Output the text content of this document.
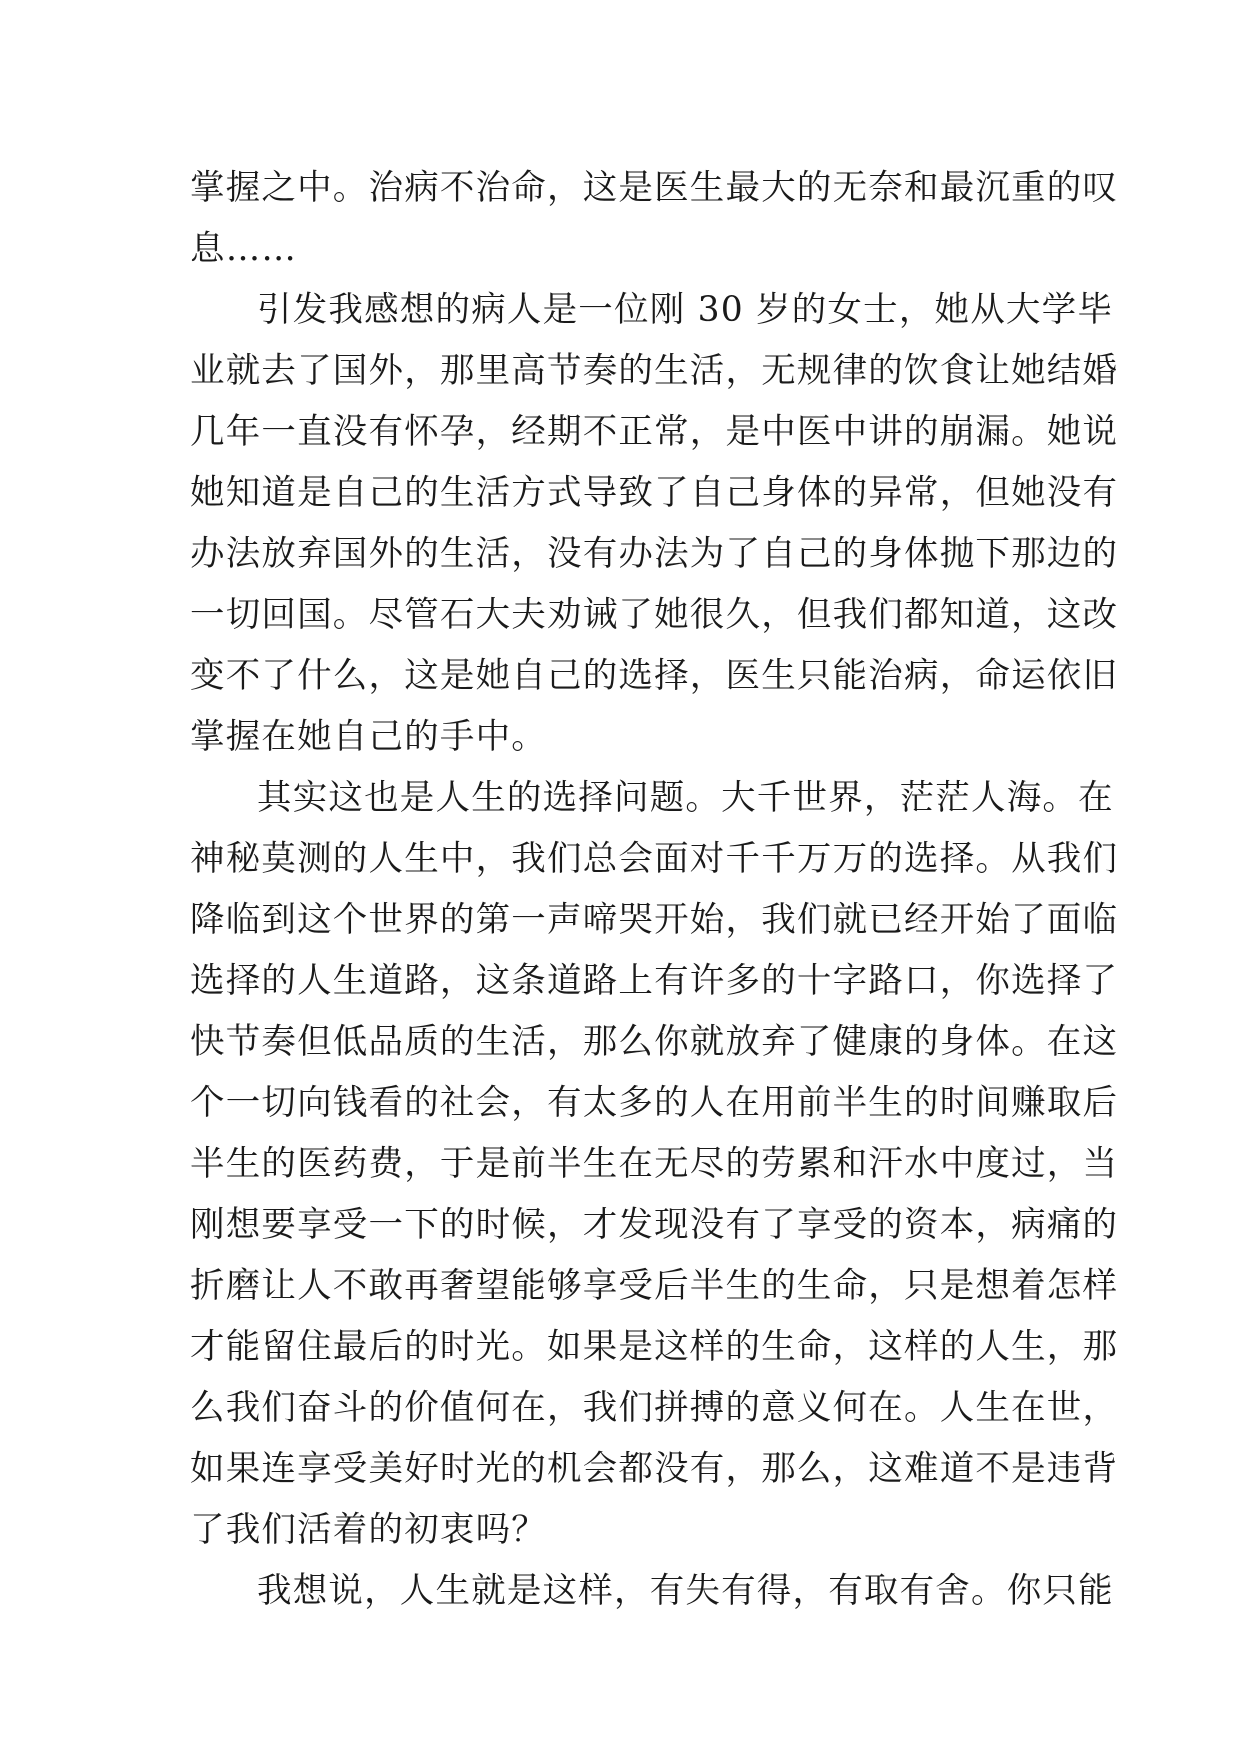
掌握之中。治病不治命，这是医生最大的无奈和最沉重的叹
息……
引发我感想的病人是一位刚 30 岁的女士，她从大学毕
业就去了国外，那里高节奏的生活，无规律的饮食让她结婚
几年一直没有怀孕，经期不正常，是中医中讲的崩漏。她说
她知道是自己的生活方式导致了自己身体的异常，但她没有
办法放弃国外的生活，没有办法为了自己的身体抛下那边的
一切回国。尽管石大夫劝诫了她很久，但我们都知道，这改
变不了什么，这是她自己的选择，医生只能治病，命运依旧
掌握在她自己的手中。
其实这也是人生的选择问题。大千世界，茫茫人海。在
神秘莫测的人生中，我们总会面对千千万万的选择。从我们
降临到这个世界的第一声啼哭开始，我们就已经开始了面临
选择的人生道路，这条道路上有许多的十字路口，你选择了
快节奏但低品质的生活，那么你就放弃了健康的身体。在这
个一切向钱看的社会，有太多的人在用前半生的时间赚取后
半生的医药费，于是前半生在无尽的劳累和汗水中度过，当
刚想要享受一下的时候，才发现没有了享受的资本，病痛的
折磨让人不敢再奢望能够享受后半生的生命，只是想着怎样
才能留住最后的时光。如果是这样的生命，这样的人生，那
么我们奋斗的价值何在，我们拼搏的意义何在。人生在世，
如果连享受美好时光的机会都没有，那么，这难道不是违背
了我们活着的初衷吗？
我想说，人生就是这样，有失有得，有取有舍。你只能
